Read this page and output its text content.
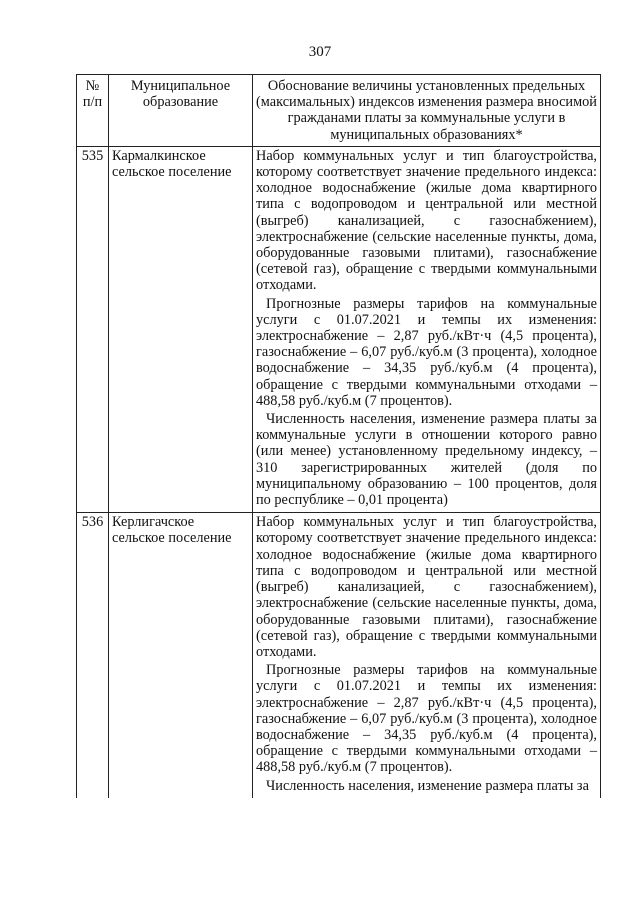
307
№ п/п	Муниципальное образование	Обоснование величины установленных предельных (максимальных) индексов изменения размера вносимой гражданами платы за коммунальные услуги в муниципальных образованиях*
535	Кармалкинское сельское поселение	Набор коммунальных услуг и тип благоустройства, которому соответствует значение предельного индекса: холодное водоснабжение (жилые дома квартирного типа с водопроводом и центральной или местной (выгреб) канализацией, с газоснабжением), электроснабжение (сельские населенные пункты, дома, оборудованные газовыми плитами), газоснабжение (сетевой газ), обращение с твердыми коммунальными отходами.

Прогнозные размеры тарифов на коммунальные услуги с 01.07.2021 и темпы их изменения: электроснабжение – 2,87 руб./кВт·ч (4,5 процента), газоснабжение – 6,07 руб./куб.м (3 процента), холодное водоснабжение – 34,35 руб./куб.м (4 процента), обращение с твердыми коммунальными отходами – 488,58 руб./куб.м (7 процентов).

Численность населения, изменение размера платы за коммунальные услуги в отношении которого равно (или менее) установленному предельному индексу, – 310 зарегистрированных жителей (доля по муниципальному образованию – 100 процентов, доля по республике – 0,01 процента)

536	Керлигачское сельское поселение	Набор коммунальных услуг и тип благоустройства, которому соответствует значение предельного индекса: холодное водоснабжение (жилые дома квартирного типа с водопроводом и центральной или местной (выгреб) канализацией, с газоснабжением), электроснабжение (сельские населенные пункты, дома, оборудованные газовыми плитами), газоснабжение (сетевой газ), обращение с твердыми коммунальными отходами.

Прогнозные размеры тарифов на коммунальные услуги с 01.07.2021 и темпы их изменения: электроснабжение – 2,87 руб./кВт·ч (4,5 процента), газоснабжение – 6,07 руб./куб.м (3 процента), холодное водоснабжение – 34,35 руб./куб.м (4 процента), обращение с твердыми коммунальными отходами – 488,58 руб./куб.м (7 процентов).

Численность населения, изменение размера платы за
